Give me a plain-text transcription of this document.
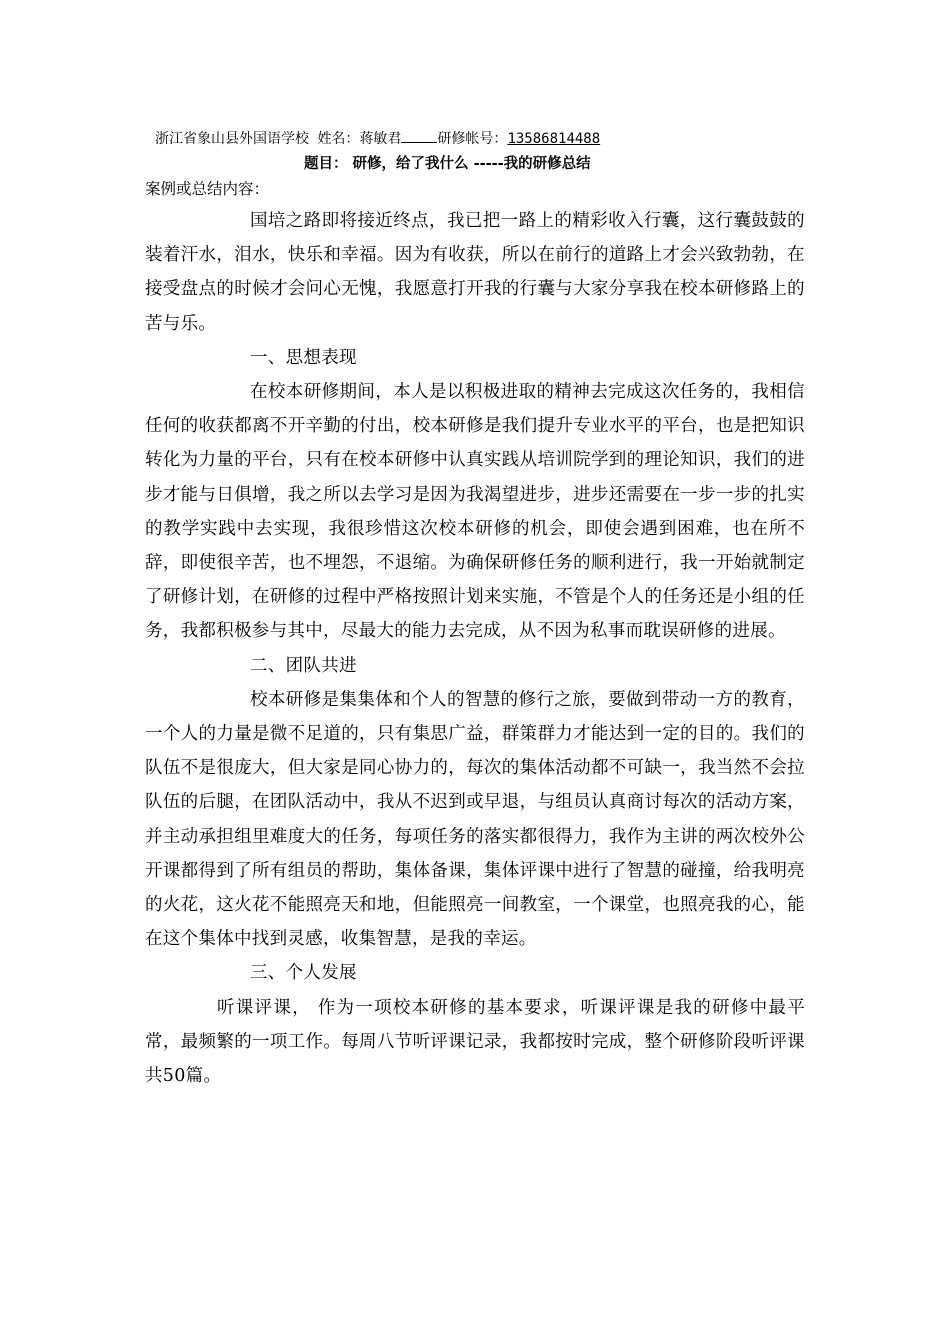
浙江省象山县外国语学校 姓名：蒋敏君	研修帐号：13586814488
题目： 研修，给了我什么 -----我的研修总结
案例或总结内容：

国培之路即将接近终点，我已把一路上的精彩收入行囊，这行囊鼓鼓的装着汗水，泪水，快乐和幸福。因为有收获，所以在前行的道路上才会兴致勃勃，在接受盘点的时候才会问心无愧，我愿意打开我的行囊与大家分享我在校本研修路上的苦与乐。

一、思想表现

在校本研修期间，本人是以积极进取的精神去完成这次任务的，我相信任何的收获都离不开辛勤的付出，校本研修是我们提升专业水平的平台，也是把知识转化为力量的平台，只有在校本研修中认真实践从培训院学到的理论知识，我们的进步才能与日俱增，我之所以去学习是因为我渴望进步，进步还需要在一步一步的扎实的教学实践中去实现，我很珍惜这次校本研修的机会，即使会遇到困难，也在所不辞，即使很辛苦，也不埋怨，不退缩。为确保研修任务的顺利进行，我一开始就制定了研修计划，在研修的过程中严格按照计划来实施，不管是个人的任务还是小组的任务，我都积极参与其中，尽最大的能力去完成，从不因为私事而耽误研修的进展。

二、团队共进

校本研修是集集体和个人的智慧的修行之旅，要做到带动一方的教育，一个人的力量是微不足道的，只有集思广益，群策群力才能达到一定的目的。我们的队伍不是很庞大，但大家是同心协力的，每次的集体活动都不可缺一，我当然不会拉队伍的后腿，在团队活动中，我从不迟到或早退，与组员认真商讨每次的活动方案，并主动承担组里难度大的任务，每项任务的落实都很得力，我作为主讲的两次校外公开课都得到了所有组员的帮助，集体备课，集体评课中进行了智慧的碰撞，给我明亮的火花，这火花不能照亮天和地，但能照亮一间教室，一个课堂，也照亮我的心，能在这个集体中找到灵感，收集智慧，是我的幸运。

三、个人发展

听课评课， 作为一项校本研修的基本要求，听课评课是我的研修中最平常，最频繁的一项工作。每周八节听评课记录，我都按时完成，整个研修阶段听评课共50篇。
